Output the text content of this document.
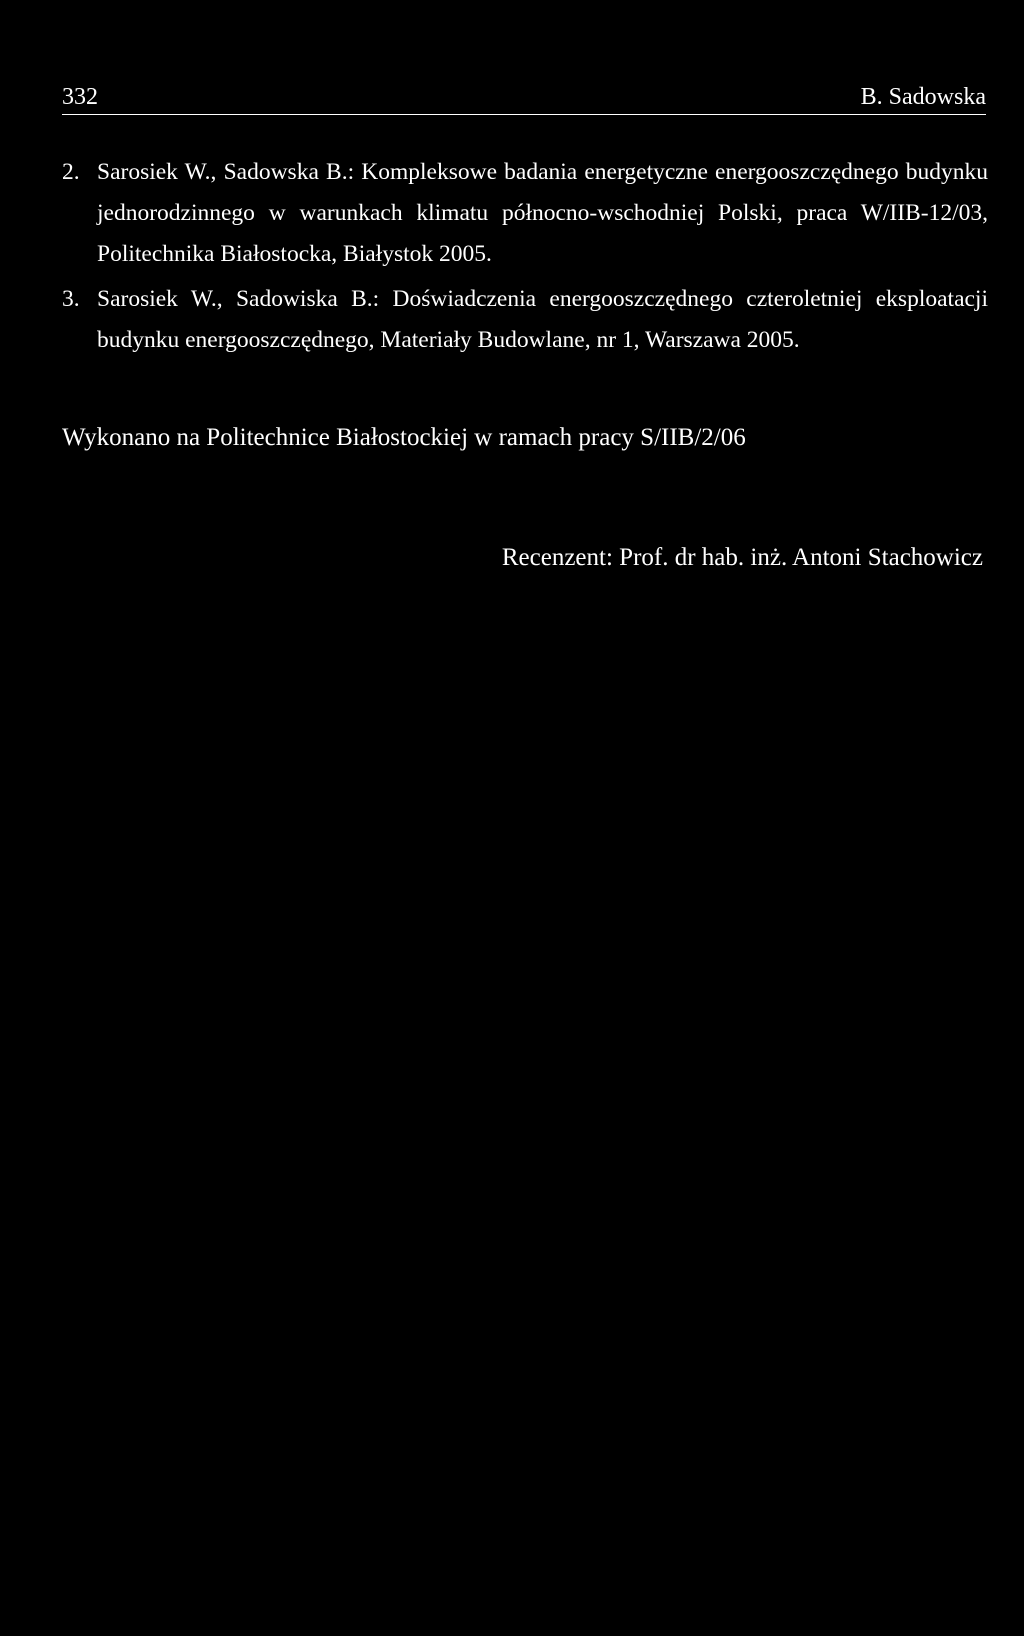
332	B. Sadowska
2. Sarosiek W., Sadowska B.: Kompleksowe badania energetyczne energooszczędnego budynku jednorodzinnego w warunkach klimatu północno-wschodniej Polski, praca W/IIB-12/03, Politechnika Białostocka, Białystok 2005.
3. Sarosiek W., Sadowiska B.: Doświadczenia energooszczędnego czteroletniej eksploatacji budynku energooszczędnego, Materiały Budowlane, nr 1, Warszawa 2005.
Wykonano na Politechnice Białostockiej w ramach pracy S/IIB/2/06
Recenzent: Prof. dr hab. inż. Antoni Stachowicz
